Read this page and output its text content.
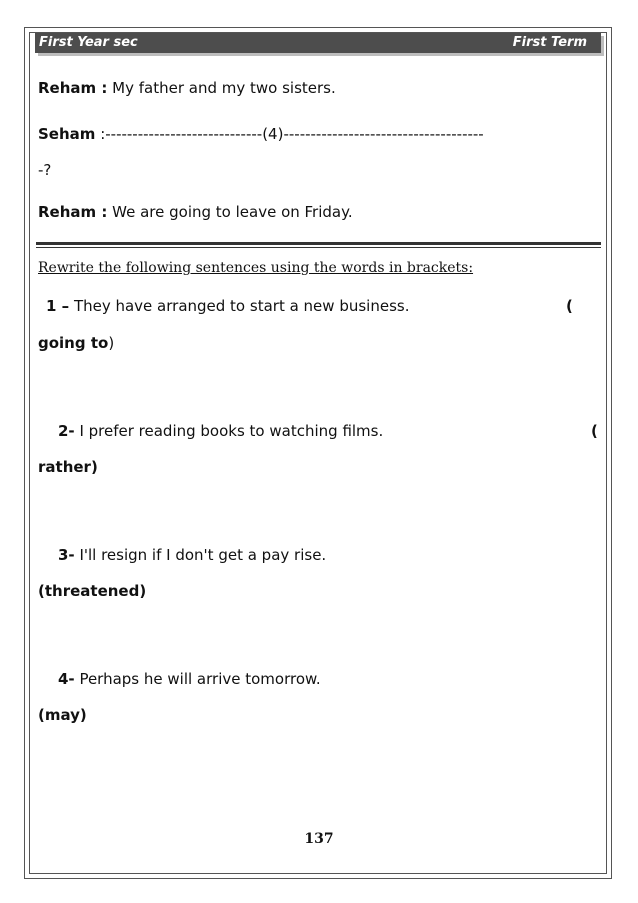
First Year sec	First Term
Reham : My father and my two sisters.
Seham :-----------------------------(4)-------------------------------------
-?
Reham : We are going to leave on Friday.
Rewrite the following sentences using the words in brackets:
1 – They have arranged to start a new business.	(
going to)
2- I prefer reading books to watching films.	(
rather)
3- I'll resign if I don't get a pay rise.
(threatened)
4- Perhaps he will arrive tomorrow.
(may)
137
